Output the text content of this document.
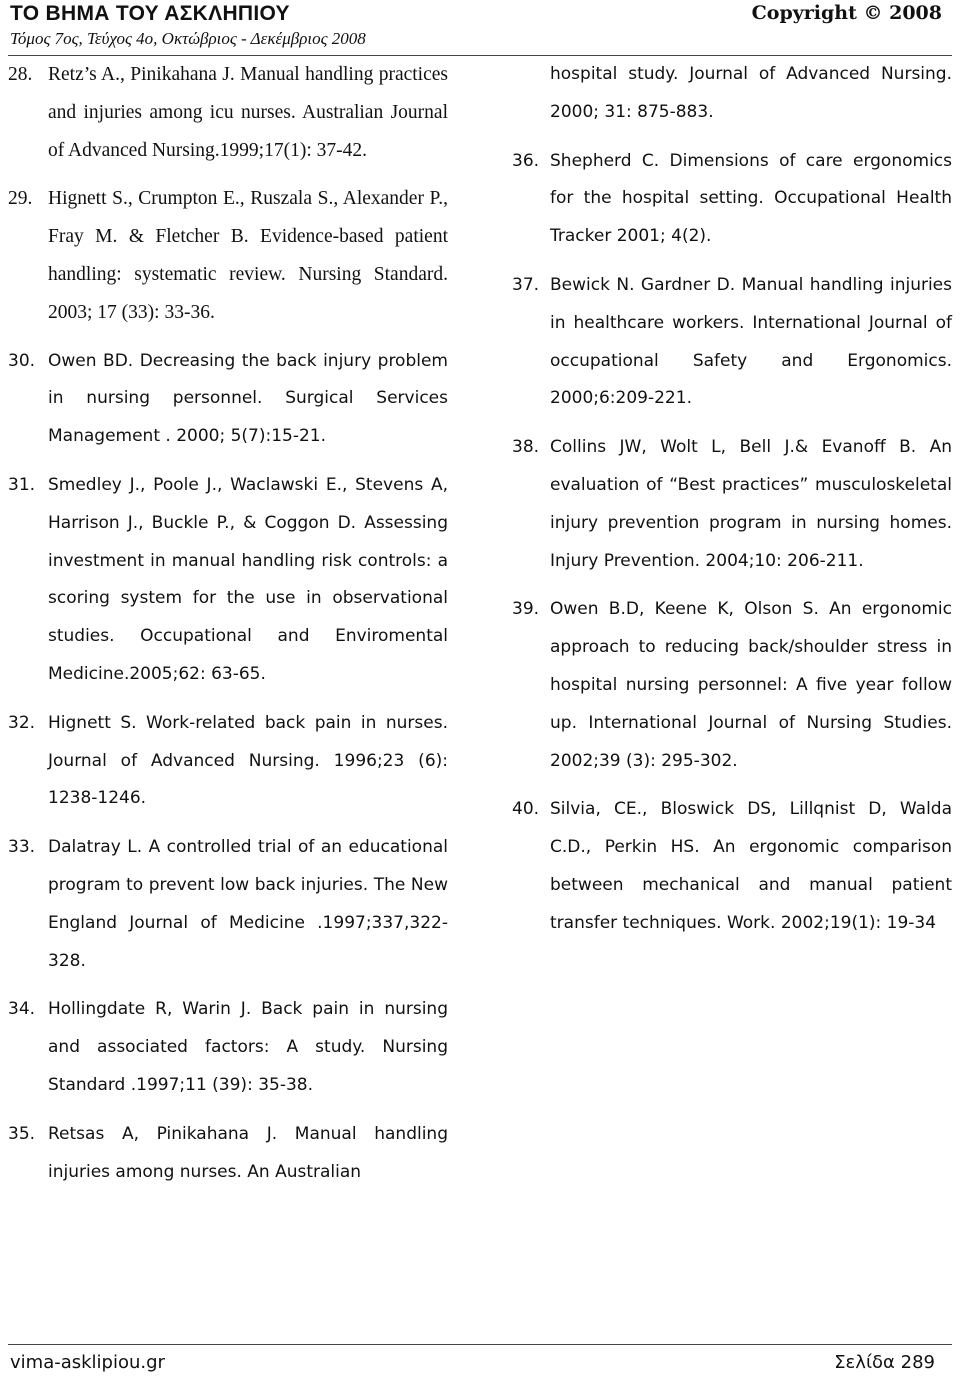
ΤΟ ΒΗΜΑ ΤΟΥ ΑΣΚΛΗΠΙΟΥ
Τόμος 7ος, Τεύχος 4ο, Οκτώβριος - Δεκέμβριος 2008
Copyright © 2008
28. Retz’s A., Pinikahana J. Manual handling practices and injuries among icu nurses. Australian Journal of Advanced Nursing.1999;17(1): 37-42.
29. Hignett S., Crumpton E., Ruszala S., Alexander P., Fray M. & Fletcher B. Evidence-based patient handling: systematic review. Nursing Standard. 2003; 17 (33): 33-36.
30. Owen BD. Decreasing the back injury problem in nursing personnel. Surgical Services Management . 2000; 5(7):15-21.
31. Smedley J., Poole J., Waclawski E., Stevens A, Harrison J., Buckle P., & Coggon D. Assessing investment in manual handling risk controls: a scoring system for the use in observational studies. Occupational and Enviromental Medicine.2005;62: 63-65.
32. Hignett S. Work-related back pain in nurses. Journal of Advanced Nursing. 1996;23 (6): 1238-1246.
33. Dalatray L. A controlled trial of an educational program to prevent low back injuries. The New England Journal of Medicine .1997;337,322-328.
34. Hollingdate R, Warin J. Back pain in nursing and associated factors: A study. Nursing Standard .1997;11 (39): 35-38.
35. Retsas A, Pinikahana J. Manual handling injuries among nurses. An Australian
hospital study. Journal of Advanced Nursing. 2000; 31: 875-883.
36. Shepherd C. Dimensions of care ergonomics for the hospital setting. Occupational Health Tracker 2001; 4(2).
37. Bewick N. Gardner D. Manual handling injuries in healthcare workers. International Journal of occupational Safety and Ergonomics. 2000;6:209-221.
38. Collins JW, Wolt L, Bell J.& Evanoff B. An evaluation of “Best practices” musculoskeletal injury prevention program in nursing homes. Injury Prevention. 2004;10: 206-211.
39. Owen B.D, Keene K, Olson S. An ergonomic approach to reducing back/shoulder stress in hospital nursing personnel: A five year follow up. International Journal of Nursing Studies. 2002;39 (3): 295-302.
40. Silvia, CE., Bloswick DS, Lillqnist D, Walda C.D., Perkin HS. An ergonomic comparison between mechanical and manual patient transfer techniques. Work. 2002;19(1): 19-34
vima-asklipiou.gr	Σελίδα 289
